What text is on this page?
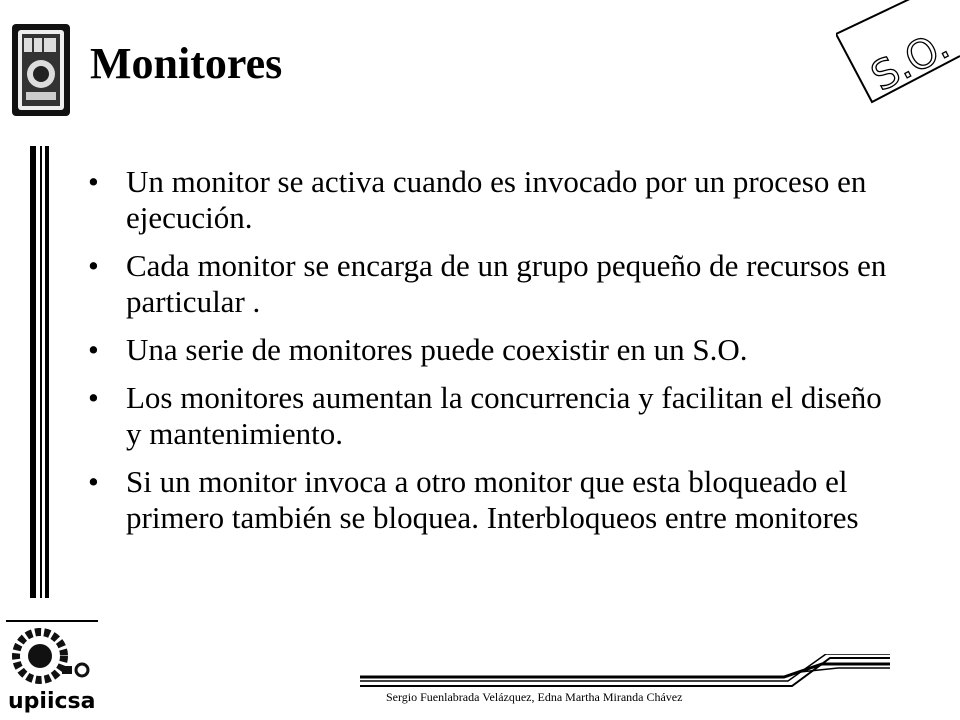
Monitores	S.O.
• Un monitor se activa cuando es invocado por un proceso en ejecución.
• Cada monitor se encarga de un grupo pequeño de recursos en particular .
• Una serie de monitores puede coexistir en un S.O.
• Los monitores aumentan la concurrencia y facilitan el diseño y mantenimiento.
• Si un monitor invoca a otro monitor que esta bloqueado el primero también se bloquea. Interbloqueos entre monitores
upiicsa	Sergio Fuenlabrada Velázquez, Edna Martha Miranda Chávez
